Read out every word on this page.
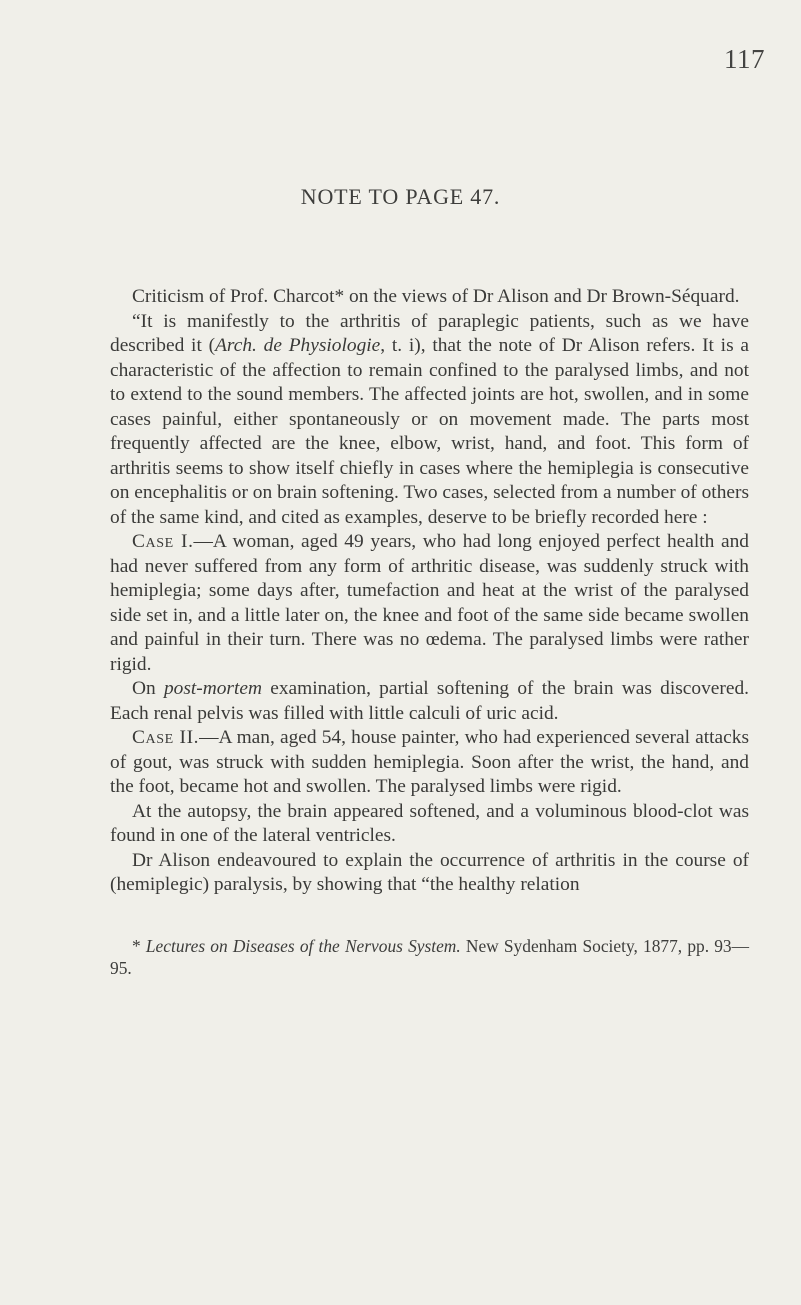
117
NOTE TO PAGE 47.

Criticism of Prof. Charcot* on the views of Dr Alison and Dr Brown-Séquard.

“It is manifestly to the arthritis of paraplegic patients, such as we have described it (Arch. de Physiologie, t. i), that the note of Dr Alison refers. It is a characteristic of the affection to remain confined to the paralysed limbs, and not to extend to the sound members. The affected joints are hot, swollen, and in some cases painful, either spontaneously or on movement made. The parts most frequently affected are the knee, elbow, wrist, hand, and foot. This form of arthritis seems to show itself chiefly in cases where the hemiplegia is consecutive on encephalitis or on brain softening. Two cases, selected from a number of others of the same kind, and cited as examples, deserve to be briefly recorded here :

Case I.—A woman, aged 49 years, who had long enjoyed perfect health and had never suffered from any form of arthritic disease, was suddenly struck with hemiplegia; some days after, tumefaction and heat at the wrist of the paralysed side set in, and a little later on, the knee and foot of the same side became swollen and painful in their turn. There was no œdema. The paralysed limbs were rather rigid.

On post-mortem examination, partial softening of the brain was discovered. Each renal pelvis was filled with little calculi of uric acid.

Case II.—A man, aged 54, house painter, who had experienced several attacks of gout, was struck with sudden hemiplegia. Soon after the wrist, the hand, and the foot, became hot and swollen. The paralysed limbs were rigid.

At the autopsy, the brain appeared softened, and a voluminous blood-clot was found in one of the lateral ventricles.

Dr Alison endeavoured to explain the occurrence of arthritis in the course of (hemiplegic) paralysis, by showing that “the healthy relation

* Lectures on Diseases of the Nervous System. New Sydenham Society, 1877, pp. 93—95.
